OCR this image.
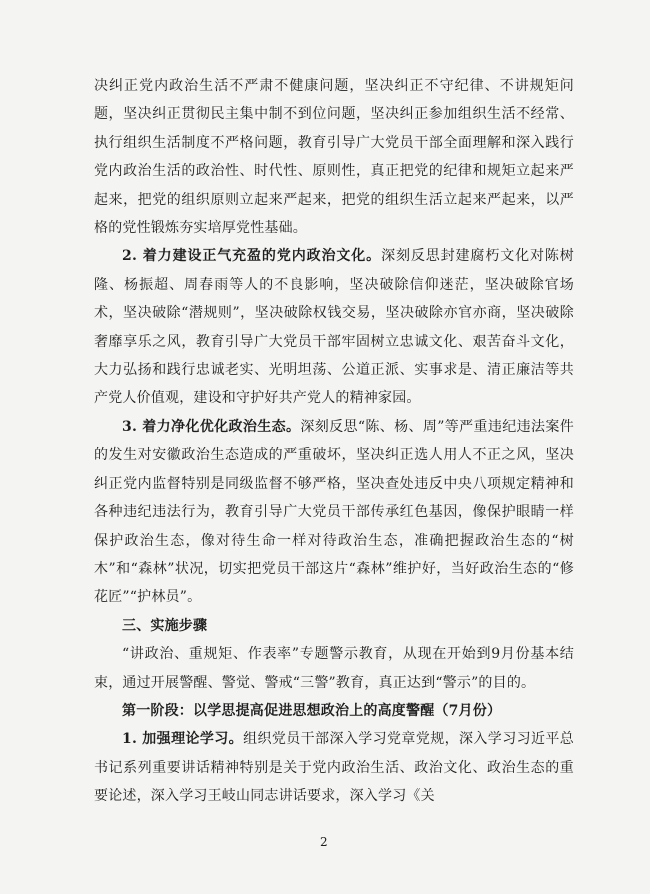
决纠正党内政治生活不严肃不健康问题，坚决纠正不守纪律、不讲规矩问题，坚决纠正贯彻民主集中制不到位问题，坚决纠正参加组织生活不经常、执行组织生活制度不严格问题，教育引导广大党员干部全面理解和深入践行党内政治生活的政治性、时代性、原则性，真正把党的纪律和规矩立起来严起来，把党的组织原则立起来严起来，把党的组织生活立起来严起来，以严格的党性锻炼夯实培厚党性基础。

2. 着力建设正气充盈的党内政治文化。深刻反思封建腐朽文化对陈树隆、杨振超、周春雨等人的不良影响，坚决破除信仰迷茫，坚决破除官场术，坚决破除“潜规则”，坚决破除权钱交易，坚决破除亦官亦商，坚决破除奢靡享乐之风，教育引导广大党员干部牢固树立忠诚文化、艰苦奋斗文化，大力弘扬和践行忠诚老实、光明坦荡、公道正派、实事求是、清正廉洁等共产党人价值观，建设和守护好共产党人的精神家园。

3. 着力净化优化政治生态。深刻反思“陈、杨、周”等严重违纪违法案件的发生对安徽政治生态造成的严重破坏，坚决纠正选人用人不正之风，坚决纠正党内监督特别是同级监督不够严格，坚决查处违反中央八项规定精神和各种违纪违法行为，教育引导广大党员干部传承红色基因，像保护眼睛一样保护政治生态，像对待生命一样对待政治生态，准确把握政治生态的“树木”和“森林”状况，切实把党员干部这片“森林”维护好，当好政治生态的“修花匠”“护林员”。

三、实施步骤

“讲政治、重规矩、作表率”专题警示教育，从现在开始到9月份基本结束，通过开展警醒、警觉、警戒“三警”教育，真正达到“警示”的目的。

第一阶段：以学思提高促进思想政治上的高度警醒（7月份）

1. 加强理论学习。组织党员干部深入学习党章党规，深入学习习近平总书记系列重要讲话精神特别是关于党内政治生活、政治文化、政治生态的重要论述，深入学习王岐山同志讲话要求，深入学习《关

2
